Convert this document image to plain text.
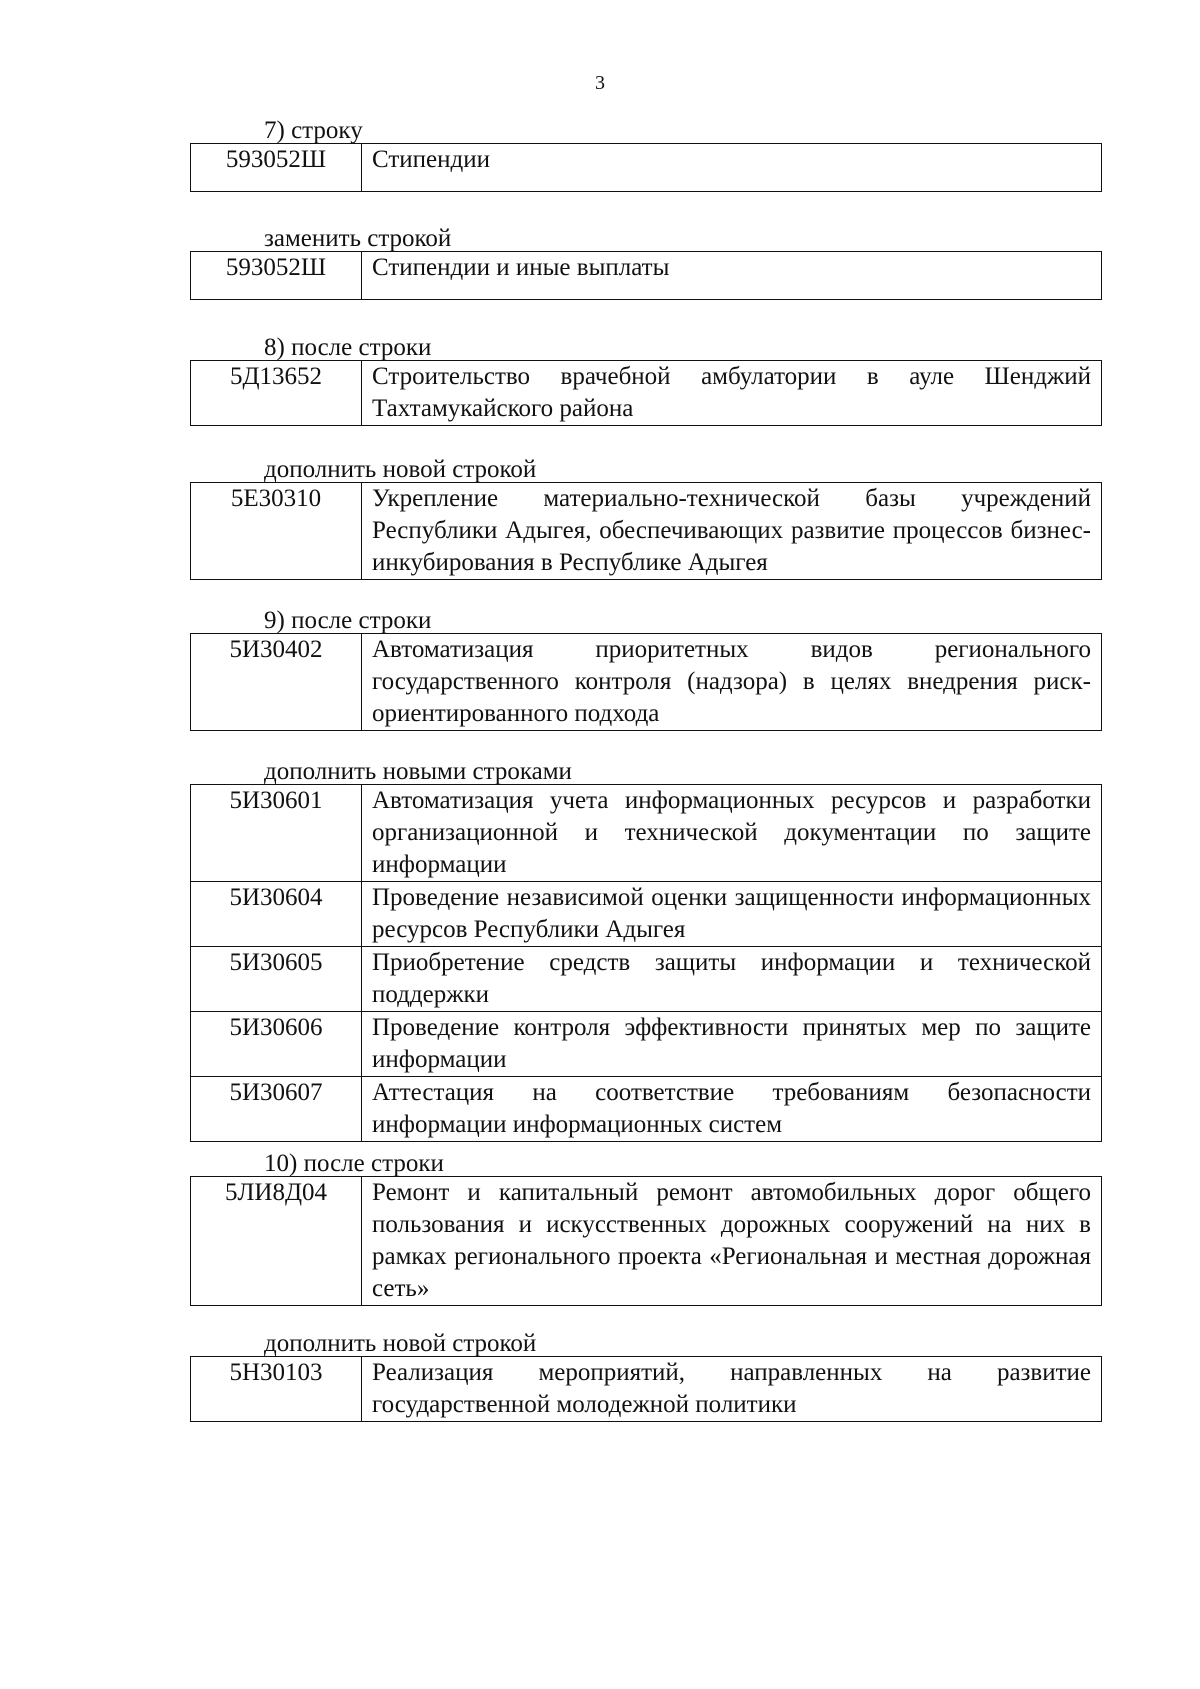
3
7) строку
593052Ш	Стипендии
заменить строкой
593052Ш	Стипендии и иные выплаты
8) после строки
5Д13652	Строительство врачебной амбулатории в ауле Шенджий Тахтамукайского района
дополнить новой строкой
5Е30310	Укрепление материально-технической базы учреждений Республики Адыгея, обеспечивающих развитие процессов бизнес-инкубирования в Республике Адыгея
9) после строки
5И30402	Автоматизация приоритетных видов регионального государственного контроля (надзора) в целях внедрения риск-ориентированного подхода
дополнить новыми строками
5И30601	Автоматизация учета информационных ресурсов и разработки организационной и технической документации по защите информации
5И30604	Проведение независимой оценки защищенности информационных ресурсов Республики Адыгея
5И30605	Приобретение средств защиты информации и технической поддержки
5И30606	Проведение контроля эффективности принятых мер по защите информации
5И30607	Аттестация на соответствие требованиям безопасности информации информационных систем
10) после строки
5ЛИ8Д04	Ремонт и капитальный ремонт автомобильных дорог общего пользования и искусственных дорожных сооружений на них в рамках регионального проекта «Региональная и местная дорожная сеть»
дополнить новой строкой
5Н30103	Реализация мероприятий, направленных на развитие государственной молодежной политики
